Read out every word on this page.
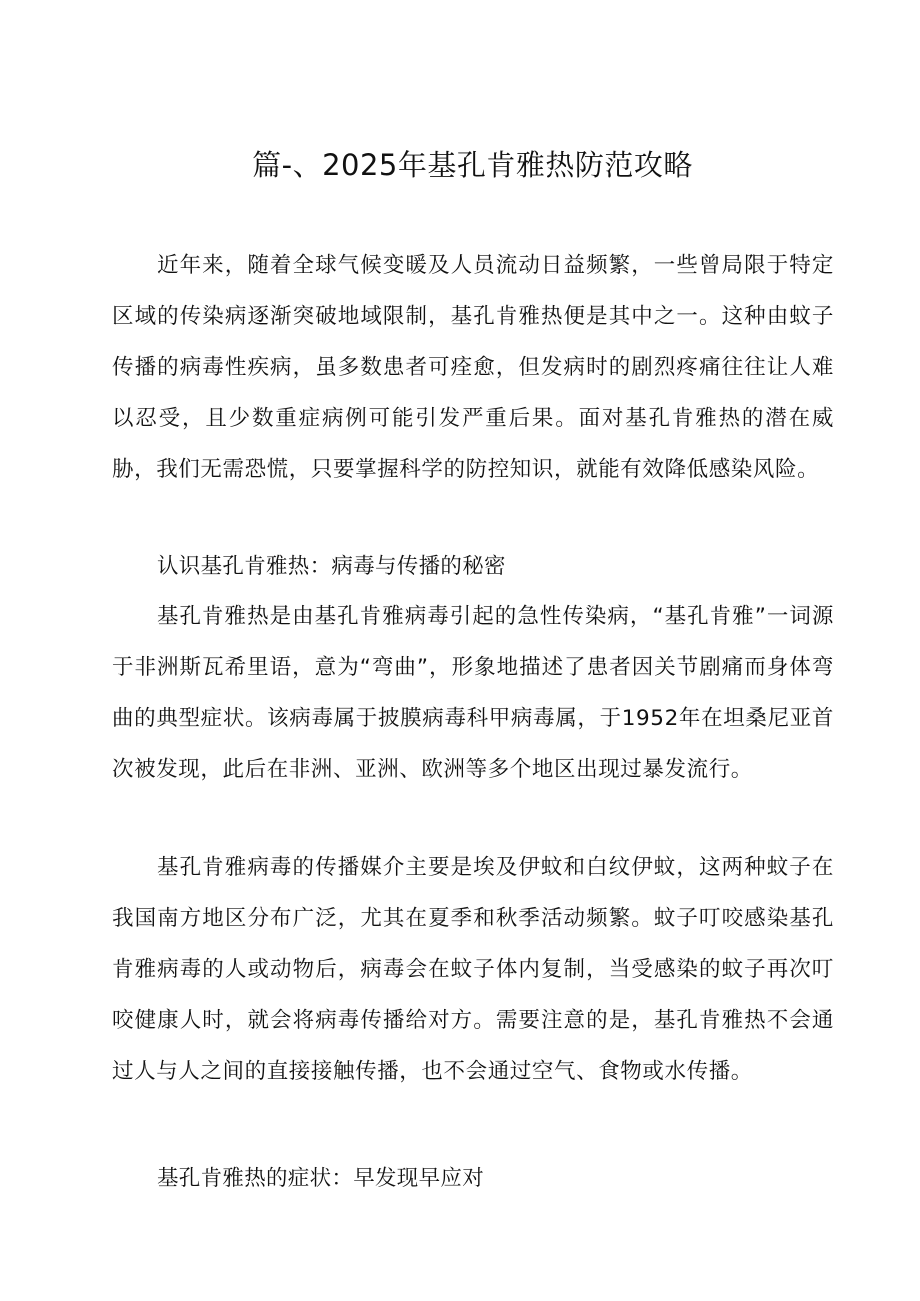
篇-、2025年基孔肯雅热防范攻略

近年来，随着全球气候变暖及人员流动日益频繁，一些曾局限于特定区域的传染病逐渐突破地域限制，基孔肯雅热便是其中之一。这种由蚊子传播的病毒性疾病，虽多数患者可痊愈，但发病时的剧烈疼痛往往让人难以忍受，且少数重症病例可能引发严重后果。面对基孔肯雅热的潜在威胁，我们无需恐慌，只要掌握科学的防控知识，就能有效降低感染风险。

认识基孔肯雅热：病毒与传播的秘密

基孔肯雅热是由基孔肯雅病毒引起的急性传染病，“基孔肯雅”一词源于非洲斯瓦希里语，意为“弯曲”，形象地描述了患者因关节剧痛而身体弯曲的典型症状。该病毒属于披膜病毒科甲病毒属，于1952年在坦桑尼亚首次被发现，此后在非洲、亚洲、欧洲等多个地区出现过暴发流行。

基孔肯雅病毒的传播媒介主要是埃及伊蚊和白纹伊蚊，这两种蚊子在我国南方地区分布广泛，尤其在夏季和秋季活动频繁。蚊子叮咬感染基孔肯雅病毒的人或动物后，病毒会在蚊子体内复制，当受感染的蚊子再次叮咬健康人时，就会将病毒传播给对方。需要注意的是，基孔肯雅热不会通过人与人之间的直接接触传播，也不会通过空气、食物或水传播。

基孔肯雅热的症状：早发现早应对
